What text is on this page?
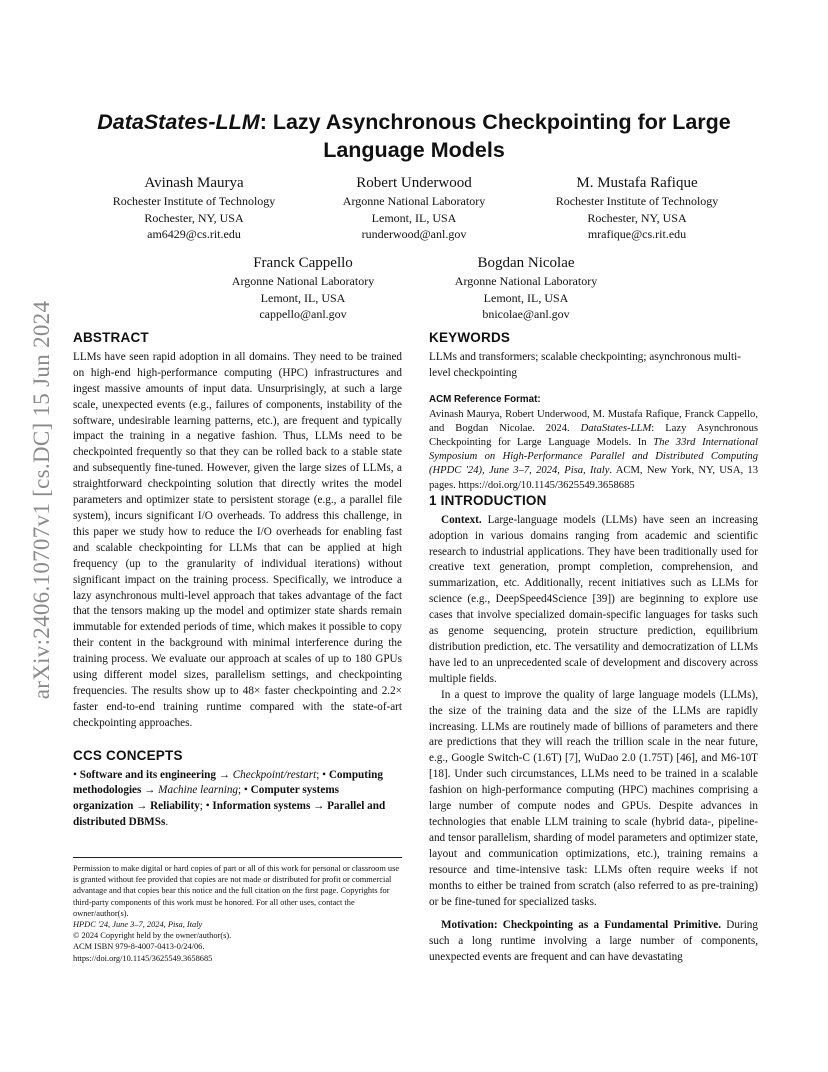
arXiv:2406.10707v1 [cs.DC] 15 Jun 2024
DataStates-LLM: Lazy Asynchronous Checkpointing for Large Language Models
Avinash Maurya
Rochester Institute of Technology
Rochester, NY, USA
am6429@cs.rit.edu
Robert Underwood
Argonne National Laboratory
Lemont, IL, USA
runderwood@anl.gov
M. Mustafa Rafique
Rochester Institute of Technology
Rochester, NY, USA
mrafique@cs.rit.edu
Franck Cappello
Argonne National Laboratory
Lemont, IL, USA
cappello@anl.gov
Bogdan Nicolae
Argonne National Laboratory
Lemont, IL, USA
bnicolae@anl.gov
ABSTRACT

LLMs have seen rapid adoption in all domains. They need to be trained on high-end high-performance computing (HPC) infrastructures and ingest massive amounts of input data. Unsurprisingly, at such a large scale, unexpected events (e.g., failures of components, instability of the software, undesirable learning patterns, etc.), are frequent and typically impact the training in a negative fashion. Thus, LLMs need to be checkpointed frequently so that they can be rolled back to a stable state and subsequently fine-tuned. However, given the large sizes of LLMs, a straightforward checkpointing solution that directly writes the model parameters and optimizer state to persistent storage (e.g., a parallel file system), incurs significant I/O overheads. To address this challenge, in this paper we study how to reduce the I/O overheads for enabling fast and scalable checkpointing for LLMs that can be applied at high frequency (up to the granularity of individual iterations) without significant impact on the training process. Specifically, we introduce a lazy asynchronous multi-level approach that takes advantage of the fact that the tensors making up the model and optimizer state shards remain immutable for extended periods of time, which makes it possible to copy their content in the background with minimal interference during the training process. We evaluate our approach at scales of up to 180 GPUs using different model sizes, parallelism settings, and checkpointing frequencies. The results show up to 48× faster checkpointing and 2.2× faster end-to-end training runtime compared with the state-of-art checkpointing approaches.

CCS CONCEPTS

• Software and its engineering → Checkpoint/restart; • Computing methodologies → Machine learning; • Computer systems organization → Reliability; • Information systems → Parallel and distributed DBMSs.

Permission to make digital or hard copies of part or all of this work for personal or classroom use is granted without fee provided that copies are not made or distributed for profit or commercial advantage and that copies bear this notice and the full citation on the first page. Copyrights for third-party components of this work must be honored. For all other uses, contact the owner/author(s).

HPDC '24, June 3–7, 2024, Pisa, Italy

© 2024 Copyright held by the owner/author(s).

ACM ISBN 979-8-4007-0413-0/24/06.

https://doi.org/10.1145/3625549.3658685

KEYWORDS

LLMs and transformers; scalable checkpointing; asynchronous multi-level checkpointing

ACM Reference Format:

Avinash Maurya, Robert Underwood, M. Mustafa Rafique, Franck Cappello, and Bogdan Nicolae. 2024. DataStates-LLM: Lazy Asynchronous Checkpointing for Large Language Models. In The 33rd International Symposium on High-Performance Parallel and Distributed Computing (HPDC '24), June 3–7, 2024, Pisa, Italy. ACM, New York, NY, USA, 13 pages. https://doi.org/10.1145/3625549.3658685

1 INTRODUCTION

Context. Large-language models (LLMs) have seen an increasing adoption in various domains ranging from academic and scientific research to industrial applications. They have been traditionally used for creative text generation, prompt completion, comprehension, and summarization, etc. Additionally, recent initiatives such as LLMs for science (e.g., DeepSpeed4Science [39]) are beginning to explore use cases that involve specialized domain-specific languages for tasks such as genome sequencing, protein structure prediction, equilibrium distribution prediction, etc. The versatility and democratization of LLMs have led to an unprecedented scale of development and discovery across multiple fields.

In a quest to improve the quality of large language models (LLMs), the size of the training data and the size of the LLMs are rapidly increasing. LLMs are routinely made of billions of parameters and there are predictions that they will reach the trillion scale in the near future, e.g., Google Switch-C (1.6T) [7], WuDao 2.0 (1.75T) [46], and M6-10T [18]. Under such circumstances, LLMs need to be trained in a scalable fashion on high-performance computing (HPC) machines comprising a large number of compute nodes and GPUs. Despite advances in technologies that enable LLM training to scale (hybrid data-, pipeline- and tensor parallelism, sharding of model parameters and optimizer state, layout and communication optimizations, etc.), training remains a resource and time-intensive task: LLMs often require weeks if not months to either be trained from scratch (also referred to as pre-training) or be fine-tuned for specialized tasks.

Motivation: Checkpointing as a Fundamental Primitive. During such a long runtime involving a large number of components, unexpected events are frequent and can have devastating
